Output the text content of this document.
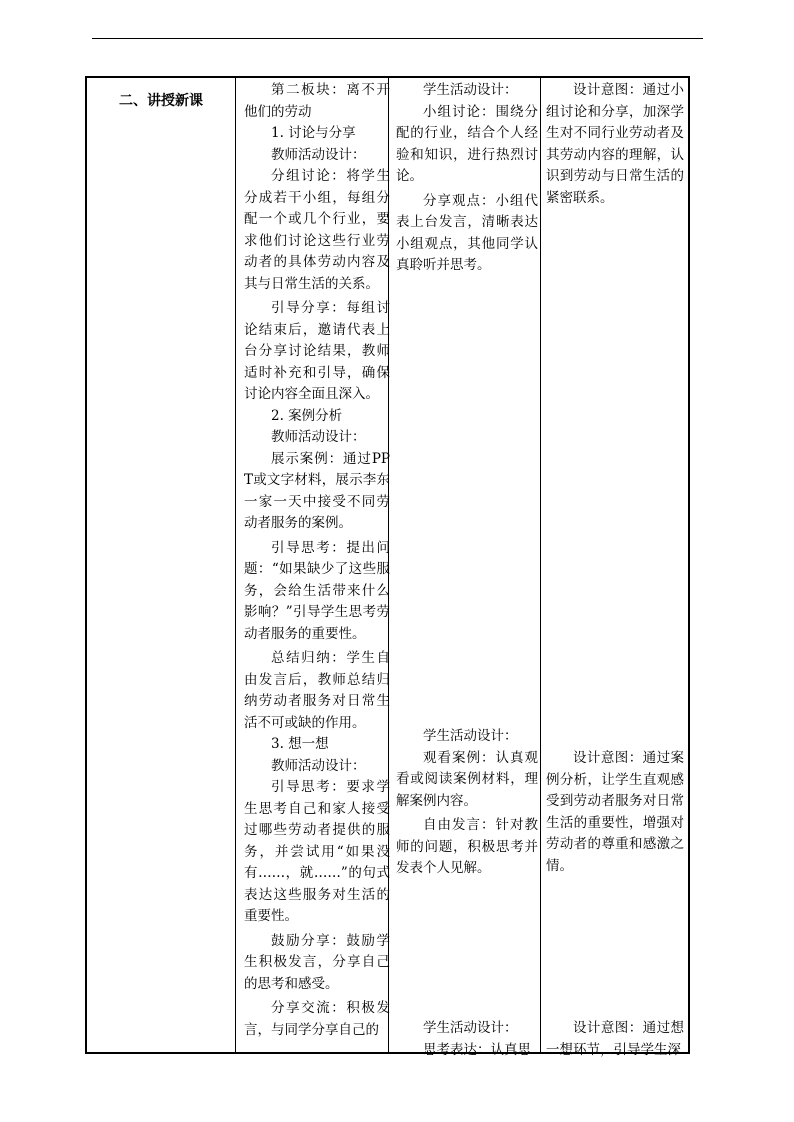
二、讲授新课

第二板块：离不开他们的劳动

1. 讨论与分享

教师活动设计：

分组讨论：将学生分成若干小组，每组分配一个或几个行业，要求他们讨论这些行业劳动者的具体劳动内容及其与日常生活的关系。

引导分享：每组讨论结束后，邀请代表上台分享讨论结果，教师适时补充和引导，确保讨论内容全面且深入。

2. 案例分析

教师活动设计：

展示案例：通过PPT或文字材料，展示李东一家一天中接受不同劳动者服务的案例。

引导思考：提出问题：“如果缺少了这些服务，会给生活带来什么影响？”引导学生思考劳动者服务的重要性。

总结归纳：学生自由发言后，教师总结归纳劳动者服务对日常生活不可或缺的作用。

3. 想一想

教师活动设计：

引导思考：要求学生思考自己和家人接受过哪些劳动者提供的服务，并尝试用“如果没有……，就……”的句式表达这些服务对生活的重要性。

鼓励分享：鼓励学生积极发言，分享自己的思考和感受。

分享交流：积极发言，与同学分享自己的

学生活动设计：

小组讨论：围绕分配的行业，结合个人经验和知识，进行热烈讨论。

分享观点：小组代表上台发言，清晰表达小组观点，其他同学认真聆听并思考。

学生活动设计：

观看案例：认真观看或阅读案例材料，理解案例内容。

自由发言：针对教师的问题，积极思考并发表个人见解。

学生活动设计：

思考表达：认真思

设计意图：通过小组讨论和分享，加深学生对不同行业劳动者及其劳动内容的理解，认识到劳动与日常生活的紧密联系。

设计意图：通过案例分析，让学生直观感受到劳动者服务对日常生活的重要性，增强对劳动者的尊重和感激之情。

设计意图：通过想一想环节，引导学生深
